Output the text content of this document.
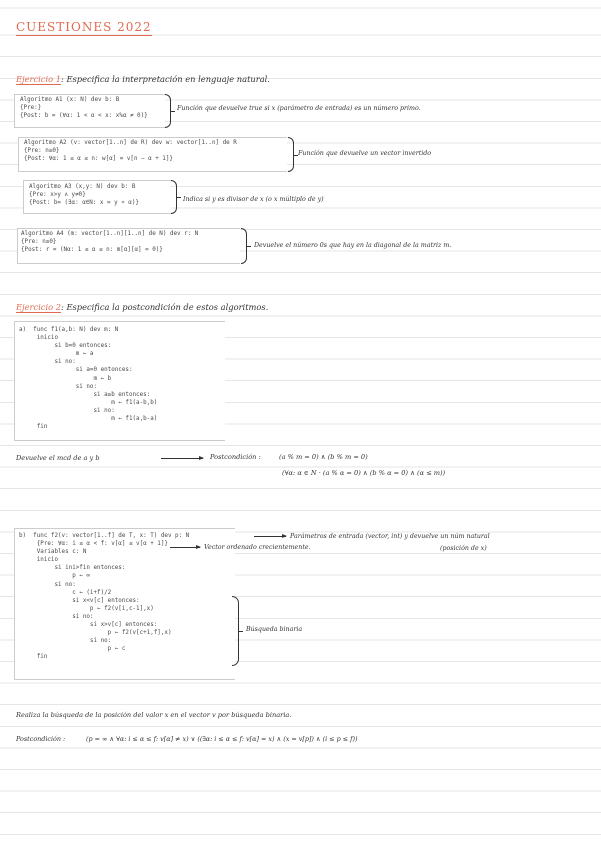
CUESTIONES 2022
Ejercicio 1: Especifica la interpretación en lenguaje natural.
Algoritmo A1 (x: N) dev b: B
{Pre:}
{Post: b = (∀α: 1 < α < x: x%α ≠ 0)}
Función que devuelve true si x (parámetro de entrada) es un número primo.
Algoritmo A2 (v: vector[1..n] de R) dev w: vector[1..n] de R
{Pre: n≥0}
{Post: ∀α: 1 ≤ α ≤ n: w[α] = v[n − α + 1]}
Función que devuelve un vector invertido
Algoritmo A3 (x,y: N) dev b: B
{Pre: x>y ∧ y≠0}
{Post: b= (∃α: α∈N: x = y ∗ α)}
Indica si y es divisor de x (o x múltiplo de y)
Algoritmo A4 (m: vector[1..n][1..n] de N) dev r: N
{Pre: n≥0}
{Post: r = (Nα: 1 ≤ α ≤ n: m[α][α] = 0)}
Devuelve el número 0s que hay en la diagonal de la matriz m.
Ejercicio 2: Especifica la postcondición de estos algoritmos.
a)  func f1(a,b: N) dev m: N
inicio
si b=0 entonces:
m ← a
si no:
si a=0 entonces:
m ← b
si no:
si a≥b entonces:
m ← f1(a-b,b)
si no:
m ← f1(a,b-a)
fin
Devuelve el mcd de a y b	Postcondición :	(a % m = 0) ∧ (b % m = 0)
(∀α: α ∈ N · (a % α = 0) ∧ (b % α = 0) ∧ (α ≤ m))
b)  func f2(v: vector[1..f] de T, x: T) dev p: N
{Pre: ∀α: i ≤ α < f: v[α] ≤ v[α + 1]}
Variables c: N
inicio
si ini>fin entonces:
p ← ∞
si no:
c ← (i+f)/2
si x<v[c] entonces:
p ← f2(v[i,c-1],x)
si no:
si x>v[c] entonces:
p ← f2(v[c+1,f],x)
si no:
p ← c
fin
Parámetros de entrada (vector, int) y devuelve un núm natural
(posición de x)
Vector ordenado crecientemente.
Búsqueda binaria
Realiza la búsqueda de la posición del valor x en el vector v por búsqueda binaria.
Postcondición :	(p = ∞ ∧ ∀α: i ≤ α ≤ f: v[α] ≠ x) ∨ ((∃α: i ≤ α ≤ f: v[α] = x) ∧ (x = v[p]) ∧ (i ≤ p ≤ f))
